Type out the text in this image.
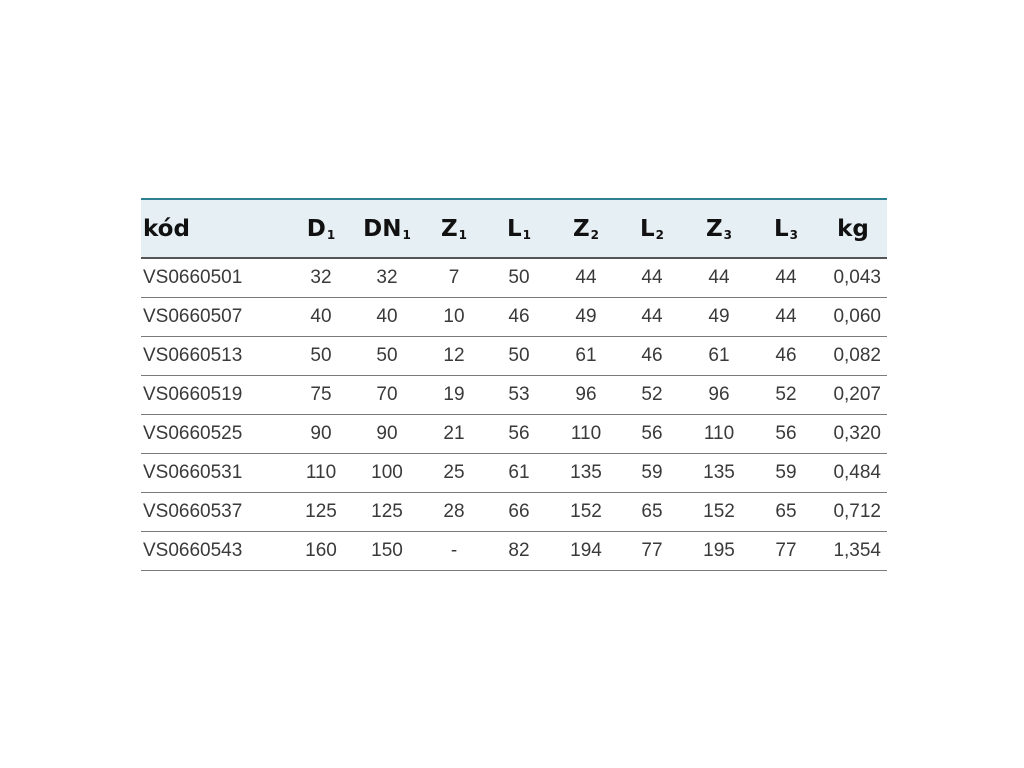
kód	$D_1$	$DN_1$	$Z_1$	$L_1$	$Z_2$	$L_2$	$Z_3$	$L_3$	kg
VS0660501	32	32	7	50	44	44	44	44	0,043
VS0660507	40	40	10	46	49	44	49	44	0,060
VS0660513	50	50	12	50	61	46	61	46	0,082
VS0660519	75	70	19	53	96	52	96	52	0,207
VS0660525	90	90	21	56	110	56	110	56	0,320
VS0660531	110	100	25	61	135	59	135	59	0,484
VS0660537	125	125	28	66	152	65	152	65	0,712
VS0660543	160	150	-	82	194	77	195	77	1,354
